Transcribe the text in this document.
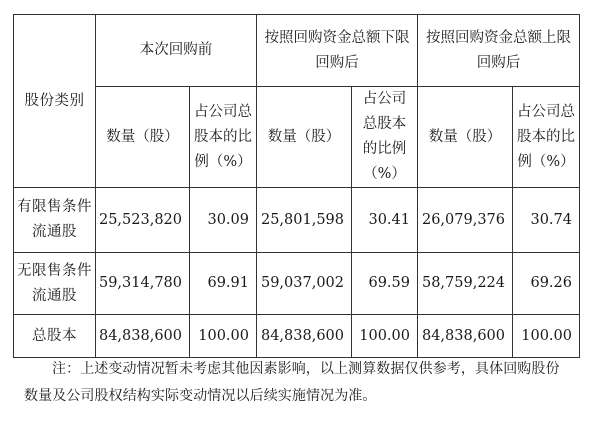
股份类别	本次回购前		按照回购资金总额下限回购后		按照回购资金总额上限回购后	
	数量（股）	占公司总股本的比例（%）	数量（股）	占公司总股本的比例（%）	数量（股）	占公司总股本的比例（%）
有限售条件流通股	25,523,820	30.09	25,801,598	30.41	26,079,376	30.74
无限售条件流通股	59,314,780	69.91	59,037,002	69.59	58,759,224	69.26
总股本	84,838,600	100.00	84,838,600	100.00	84,838,600	100.00

注：上述变动情况暂未考虑其他因素影响，以上测算数据仅供参考，具体回购股份
数量及公司股权结构实际变动情况以后续实施情况为准。
